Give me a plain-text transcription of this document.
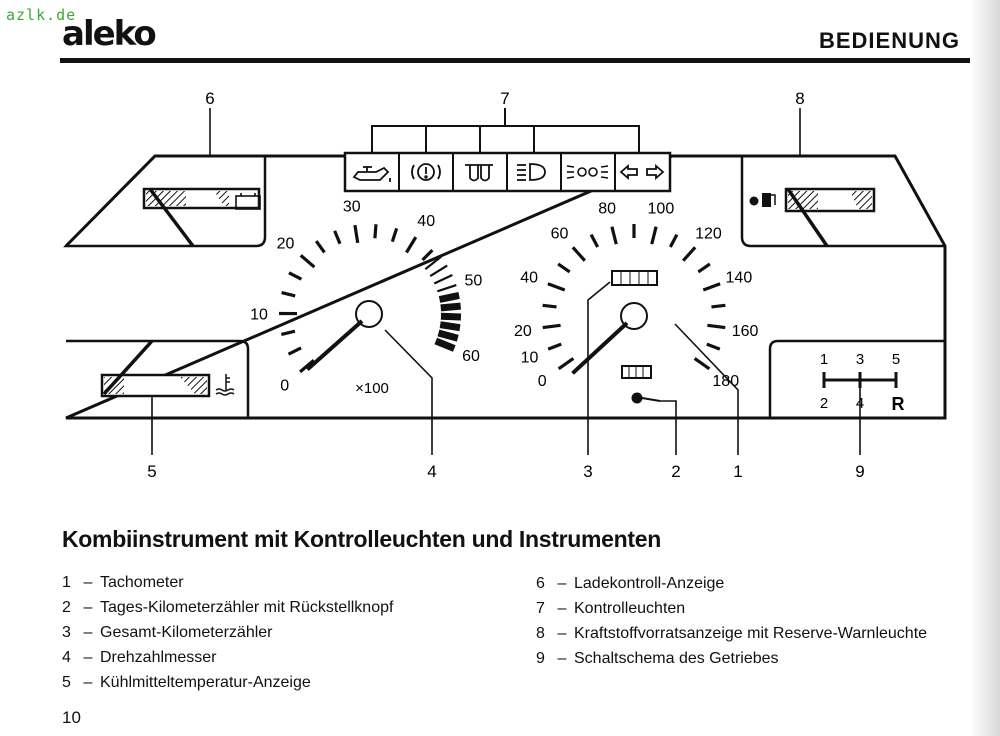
azlk.de
aleko	BEDIENUNG
0
10
20
30
40
50
60
×100	0
10
20
40
60
80 100
120
140
160
180
1 3 5
2 4 R
6	7	8
5	4	3	2	1	9
Kombiinstrument mit Kontrolleuchten und Instrumenten
1 – Tachometer
2 – Tages-Kilometerzähler mit Rückstellknopf
3 – Gesamt-Kilometerzähler
4 – Drehzahlmesser
5 – Kühlmitteltemperatur-Anzeige
6 – Ladekontroll-Anzeige
7 – Kontrolleuchten
8 – Kraftstoffvorratsanzeige mit Reserve-Warnleuchte
9 – Schaltschema des Getriebes
10
